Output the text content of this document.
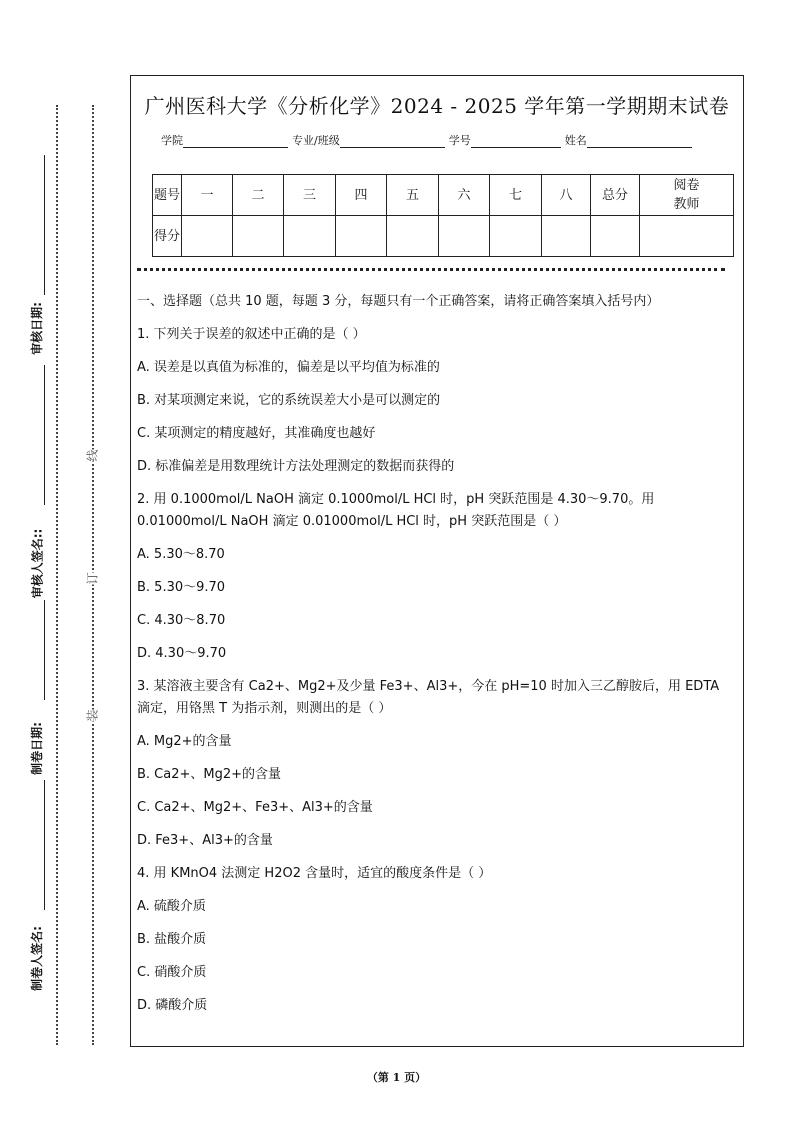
审核日期:
审核人签名::
制卷日期:
制卷人签名:
线
订
装
广州医科大学《分析化学》2024 - 2025 学年第一学期期末试卷
学院	专业/班级	学号	姓名
题号	一	二	三	四	五	六	七	八	总分	阅卷教师
得分										
一、选择题（总共 10 题，每题 3 分，每题只有一个正确答案，请将正确答案填入括号内）
1. 下列关于误差的叙述中正确的是（ ）
A. 误差是以真值为标准的，偏差是以平均值为标准的
B. 对某项测定来说，它的系统误差大小是可以测定的
C. 某项测定的精度越好，其准确度也越好
D. 标准偏差是用数理统计方法处理测定的数据而获得的
2. 用 0.1000mol/L NaOH 滴定 0.1000mol/L HCl 时，pH 突跃范围是 4.30～9.70。用 0.01000mol/L NaOH 滴定 0.01000mol/L HCl 时，pH 突跃范围是（ ）
A. 5.30～8.70
B. 5.30～9.70
C. 4.30～8.70
D. 4.30～9.70
3. 某溶液主要含有 Ca2+、Mg2+及少量 Fe3+、Al3+，今在 pH=10 时加入三乙醇胺后，用 EDTA 滴定，用铬黑 T 为指示剂，则测出的是（ ）
A. Mg2+的含量
B. Ca2+、Mg2+的含量
C. Ca2+、Mg2+、Fe3+、Al3+的含量
D. Fe3+、Al3+的含量
4. 用 KMnO4 法测定 H2O2 含量时，适宜的酸度条件是（ ）
A. 硫酸介质
B. 盐酸介质
C. 硝酸介质
D. 磷酸介质
（第 1 页）
